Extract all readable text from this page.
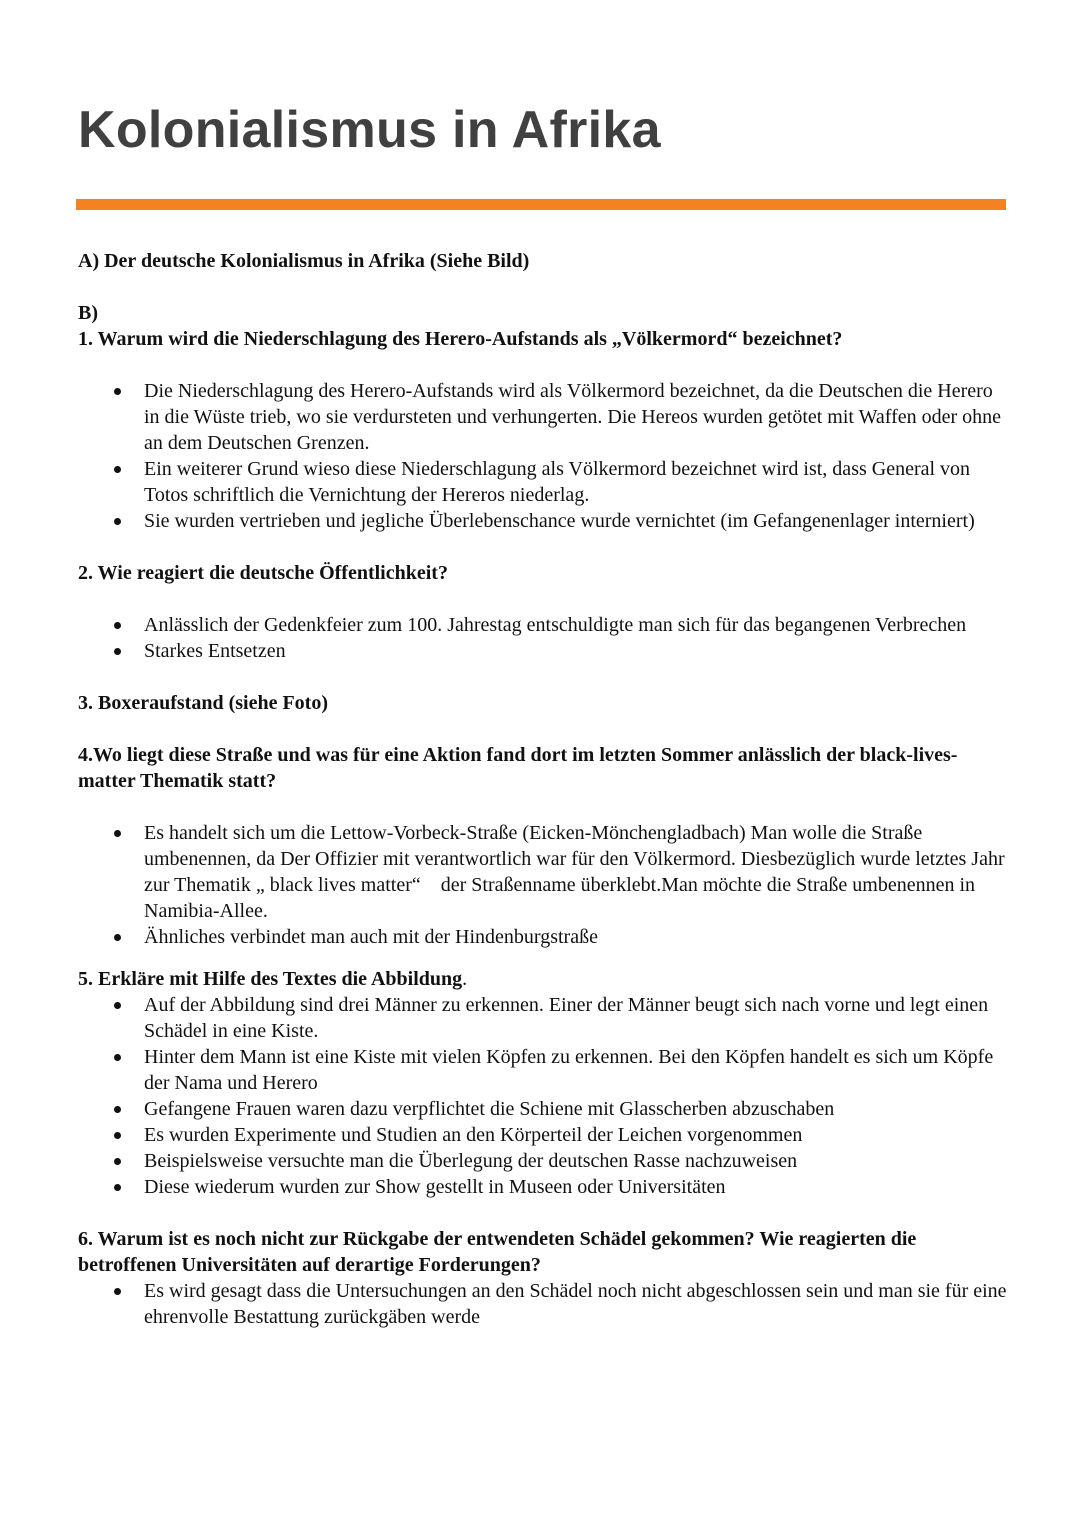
Kolonialismus in Afrika

A) Der deutsche Kolonialismus in Afrika (Siehe Bild)

B)

1. Warum wird die Niederschlagung des Herero-Aufstands als „Völkermord“ bezeichnet?

Die Niederschlagung des Herero-Aufstands wird als Völkermord bezeichnet, da die Deutschen die Herero in die Wüste trieb, wo sie verdursteten und verhungerten. Die Hereos wurden getötet mit Waffen oder ohne an dem Deutschen Grenzen.
Ein weiterer Grund wieso diese Niederschlagung als Völkermord bezeichnet wird ist, dass General von Totos schriftlich die Vernichtung der Hereros niederlag.
Sie wurden vertrieben und jegliche Überlebenschance wurde vernichtet (im Gefangenenlager interniert)

2. Wie reagiert die deutsche Öffentlichkeit?

Anlässlich der Gedenkfeier zum 100. Jahrestag entschuldigte man sich für das begangenen Verbrechen
Starkes Entsetzen

3. Boxeraufstand (siehe Foto)

4.Wo liegt diese Straße und was für eine Aktion fand dort im letzten Sommer anlässlich der black-lives-matter Thematik statt?

Es handelt sich um die Lettow-Vorbeck-Straße (Eicken-Mönchengladbach) Man wolle die Straße umbenennen, da Der Offizier mit verantwortlich war für den Völkermord. Diesbezüglich wurde letztes Jahr zur Thematik „ black lives matter“    der Straßenname überklebt.Man möchte die Straße umbenennen in Namibia-Allee.
Ähnliches verbindet man auch mit der Hindenburgstraße

5. Erkläre mit Hilfe des Textes die Abbildung.

Auf der Abbildung sind drei Männer zu erkennen. Einer der Männer beugt sich nach vorne und legt einen Schädel in eine Kiste.
Hinter dem Mann ist eine Kiste mit vielen Köpfen zu erkennen. Bei den Köpfen handelt es sich um Köpfe der Nama und Herero
Gefangene Frauen waren dazu verpflichtet die Schiene mit Glasscherben abzuschaben
Es wurden Experimente und Studien an den Körperteil der Leichen vorgenommen
Beispielsweise versuchte man die Überlegung der deutschen Rasse nachzuweisen
Diese wiederum wurden zur Show gestellt in Museen oder Universitäten

6. Warum ist es noch nicht zur Rückgabe der entwendeten Schädel gekommen? Wie reagierten die betroffenen Universitäten auf derartige Forderungen?

Es wird gesagt dass die Untersuchungen an den Schädel noch nicht abgeschlossen sein und man sie für eine ehrenvolle Bestattung zurückgäben werde
